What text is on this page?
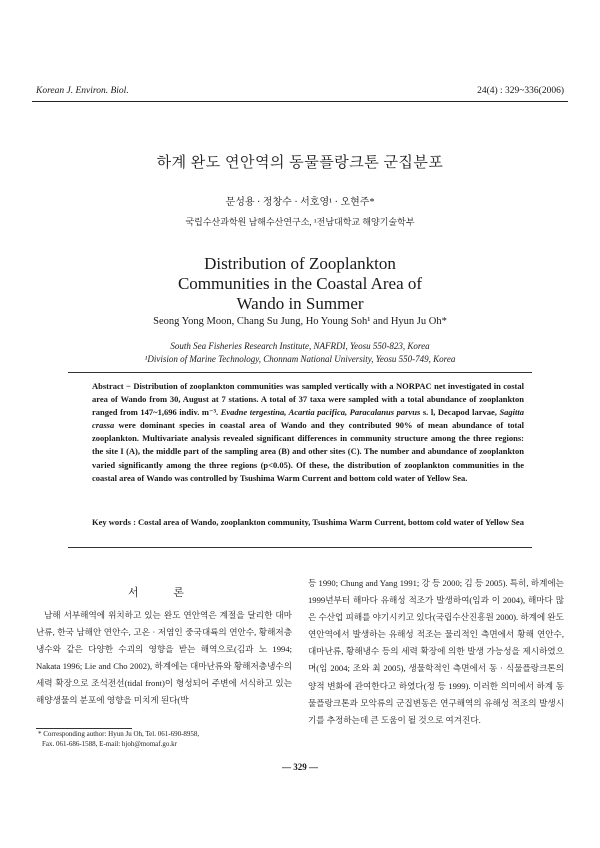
Korean J. Environ. Biol.	24(4) : 329~336(2006)
하계 완도 연안역의 동물플랑크톤 군집분포
문성용 · 정창수 · 서호영¹ · 오현주*
국립수산과학원 남해수산연구소, ¹전남대학교 해양기술학부
Distribution of Zooplankton Communities in the Coastal Area of Wando in Summer
Seong Yong Moon, Chang Su Jung, Ho Young Soh¹ and Hyun Ju Oh*
South Sea Fisheries Research Institute, NAFRDI, Yeosu 550-823, Korea
¹Division of Marine Technology, Chonnam National University, Yeosu 550-749, Korea
Abstract − Distribution of zooplankton communities was sampled vertically with a NORPAC net investigated in costal area of Wando from 30, August at 7 stations. A total of 37 taxa were sampled with a total abundance of zooplankton ranged from 147~1,696 indiv. m⁻³. Evadne tergestina, Acartia pacifica, Paracalanus parvus s. l, Decapod larvae, Sagitta crassa were dominant species in coastal area of Wando and they contributed 90% of mean abundance of total zooplankton. Multivariate analysis revealed significant differences in community structure among the three regions: the site I (A), the middle part of the sampling area (B) and other sites (C). The number and abundance of zooplankton varied significantly among the three regions (p<0.05). Of these, the distribution of zooplankton communities in the coastal area of Wando was controlled by Tsushima Warm Current and bottom cold water of Yellow Sea.
Key words : Costal area of Wando, zooplankton community, Tsushima Warm Current, bottom cold water of Yellow Sea
서 론
남해 서부해역에 위치하고 있는 완도 연안역은 계절을 달리한 대마난류, 한국 남해안 연안수, 고온 · 저염인 중국대륙의 연안수, 황해저층냉수와 같은 다양한 수괴의 영향을 받는 해역으로(김과 노 1994; Nakata 1996; Lie and Cho 2002), 하계에는 대마난류와 황해저층냉수의 세력 확장으로 조석전선(tidal front)이 형성되어 주변에 서식하고 있는 해양생물의 분포에 영향을 미치게 된다(박
등 1990; Chung and Yang 1991; 강 등 2000; 김 등 2005). 특히, 하계에는 1999년부터 해마다 유해성 적조가 발생하여(임과 이 2004), 해마다 많은 수산업 피해를 야기시키고 있다(국립수산진흥원 2000). 하계에 완도 연안역에서 발생하는 유해성 적조는 물리적인 측면에서 황해 연안수, 대마난류, 황해냉수 등의 세력 확장에 의한 발생 가능성을 제시하였으며(임 2004; 조와 최 2005), 생물학적인 측면에서 동 · 식물플랑크톤의 양적 변화에 관여한다고 하였다(정 등 1999). 이러한 의미에서 하계 동물플랑크톤과 모악류의 군집변동은 연구해역의 유해성 적조의 발생시기를 추정하는데 큰 도움이 될 것으로 여겨진다.
* Corresponding author: Hyun Ju Oh, Tel. 061-690-8958,
Fax. 061-686-1588, E-mail: hjoh@momaf.go.kr
— 329 —
